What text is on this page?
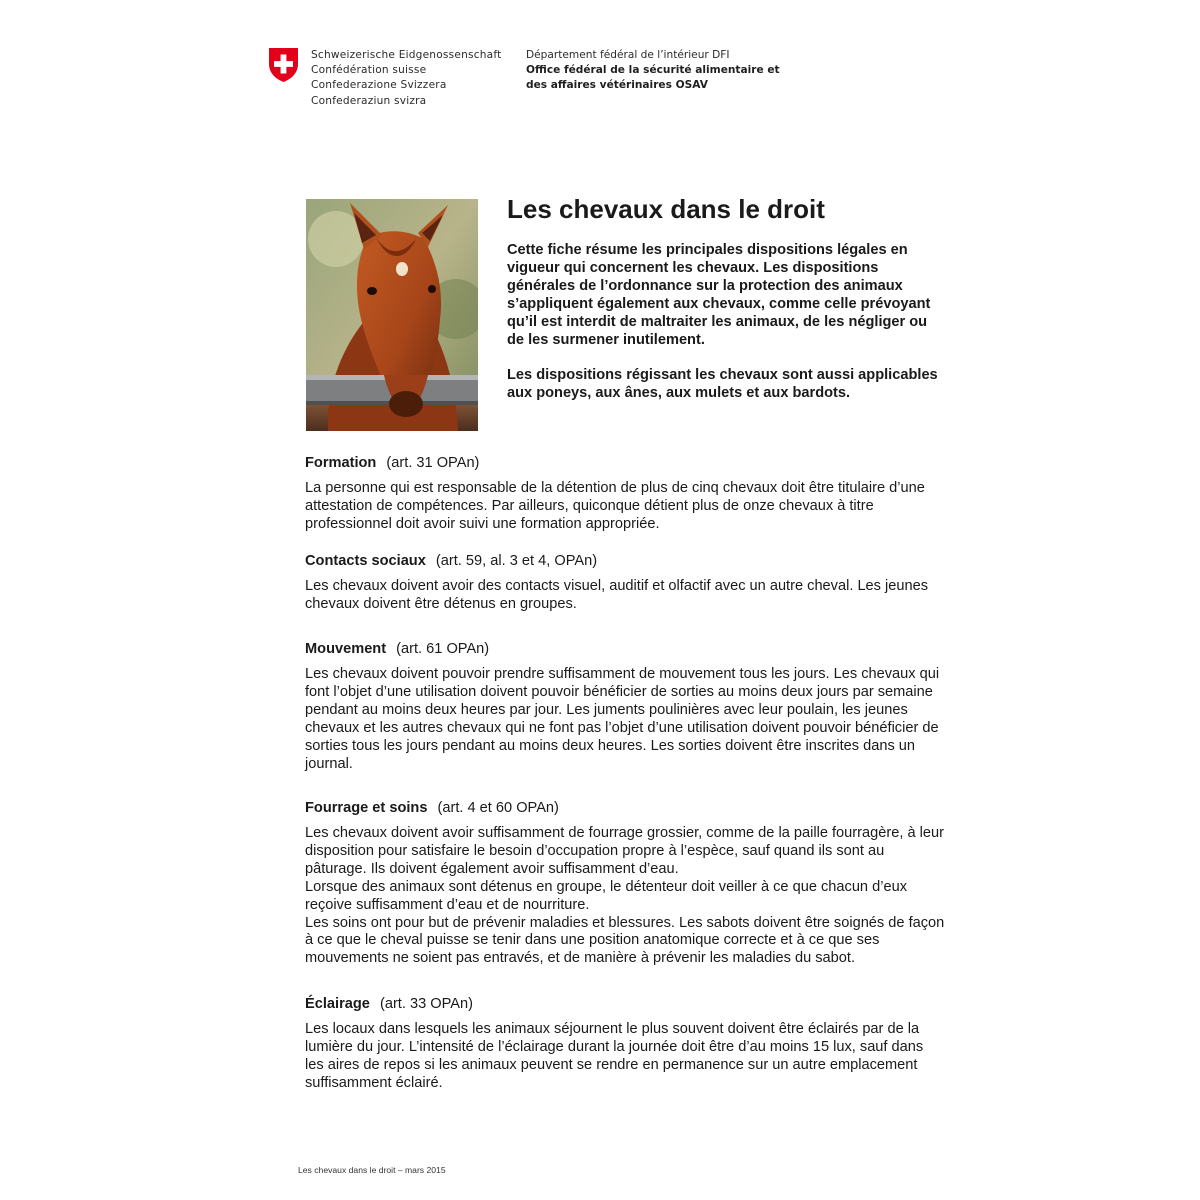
Schweizerische Eidgenossenschaft
Confédération suisse
Confederazione Svizzera
Confederaziun svizra
Département fédéral de l’intérieur DFI
Office fédéral de la sécurité alimentaire et
des affaires vétérinaires OSAV
Les chevaux dans le droit

Cette fiche résume les principales dispositions légales en vigueur qui concernent les chevaux. Les dispositions générales de l’ordonnance sur la protection des animaux s’appliquent également aux chevaux, comme celle prévoyant qu’il est interdit de maltraiter les animaux, de les négliger ou de les surmener inutilement.

Les dispositions régissant les chevaux sont aussi applicables aux poneys, aux ânes, aux mulets et aux bardots.

Formation (art. 31 OPAn)

La personne qui est responsable de la détention de plus de cinq chevaux doit être titulaire d’une attestation de compétences. Par ailleurs, quiconque détient plus de onze chevaux à titre professionnel doit avoir suivi une formation appropriée.

Contacts sociaux (art. 59, al. 3 et 4, OPAn)

Les chevaux doivent avoir des contacts visuel, auditif et olfactif avec un autre cheval. Les jeunes chevaux doivent être détenus en groupes.

Mouvement (art. 61 OPAn)

Les chevaux doivent pouvoir prendre suffisamment de mouvement tous les jours. Les chevaux qui font l’objet d’une utilisation doivent pouvoir bénéficier de sorties au moins deux jours par semaine pendant au moins deux heures par jour. Les juments poulinières avec leur poulain, les jeunes chevaux et les autres chevaux qui ne font pas l’objet d’une utilisation doivent pouvoir bénéficier de sorties tous les jours pendant au moins deux heures. Les sorties doivent être inscrites dans un journal.

Fourrage et soins (art. 4 et 60 OPAn)

Les chevaux doivent avoir suffisamment de fourrage grossier, comme de la paille fourragère, à leur disposition pour satisfaire le besoin d’occupation propre à l’espèce, sauf quand ils sont au pâturage. Ils doivent également avoir suffisamment d’eau.

Lorsque des animaux sont détenus en groupe, le détenteur doit veiller à ce que chacun d’eux reçoive suffisamment d’eau et de nourriture.

Les soins ont pour but de prévenir maladies et blessures. Les sabots doivent être soignés de façon à ce que le cheval puisse se tenir dans une position anatomique correcte et à ce que ses mouvements ne soient pas entravés, et de manière à prévenir les maladies du sabot.

Éclairage (art. 33 OPAn)

Les locaux dans lesquels les animaux séjournent le plus souvent doivent être éclairés par de la lumière du jour. L’intensité de l’éclairage durant la journée doit être d’au moins 15 lux, sauf dans les aires de repos si les animaux peuvent se rendre en permanence sur un autre emplacement suffisamment éclairé.

Les chevaux dans le droit – mars 2015
